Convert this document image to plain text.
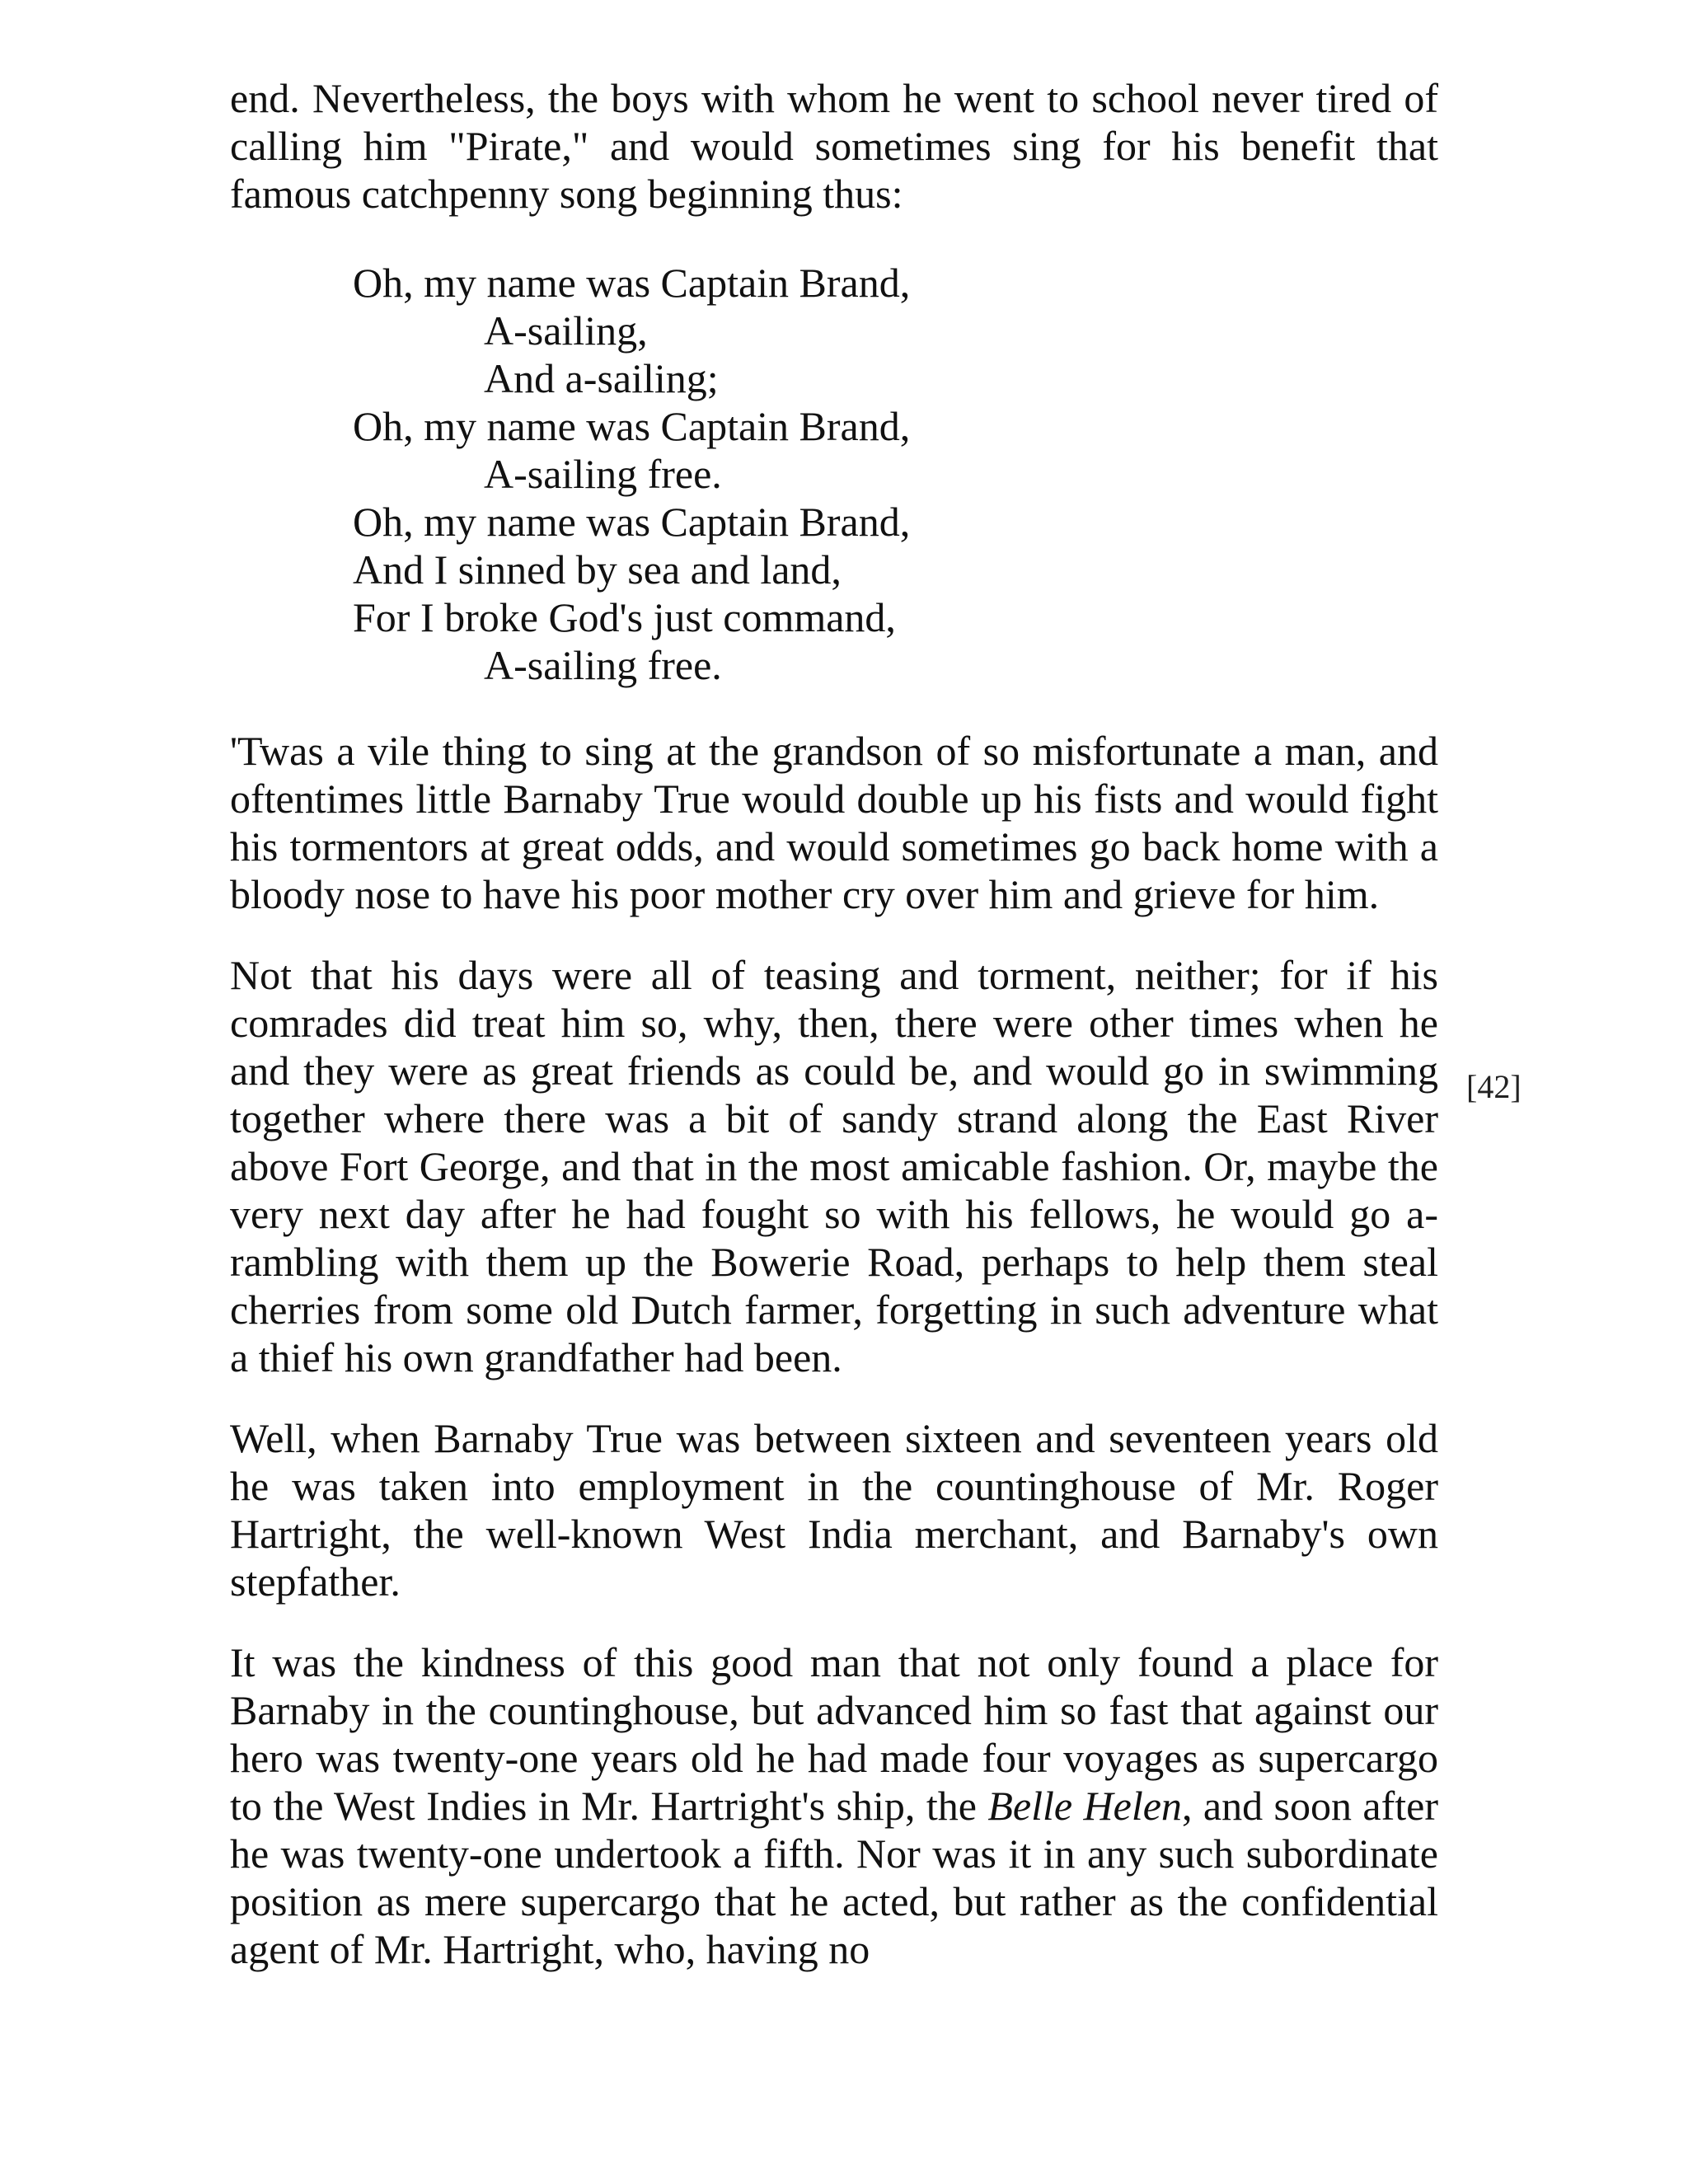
end. Nevertheless, the boys with whom he went to school never tired of calling him "Pirate," and would sometimes sing for his benefit that famous catchpenny song beginning thus:

Oh, my name was Captain Brand,
A-sailing,
And a-sailing;
Oh, my name was Captain Brand,
A-sailing free.
Oh, my name was Captain Brand,
And I sinned by sea and land,
For I broke God's just command,
A-sailing free.

'Twas a vile thing to sing at the grandson of so misfortunate a man, and oftentimes little Barnaby True would double up his fists and would fight his tormentors at great odds, and would sometimes go back home with a bloody nose to have his poor mother cry over him and grieve for him.

Not that his days were all of teasing and torment, neither; for if his comrades did treat him so, why, then, there were other times when he and they were as great friends as could be, and would go in swimming together where there was a bit of sandy strand along the East River above Fort George, and that in the most amicable fashion. Or, maybe the very next day after he had fought so with his fellows, he would go a-rambling with them up the Bowerie Road, perhaps to help them steal cherries from some old Dutch farmer, forgetting in such adventure what a thief his own grandfather had been.

Well, when Barnaby True was between sixteen and seventeen years old he was taken into employment in the countinghouse of Mr. Roger Hartright, the well-known West India merchant, and Barnaby's own stepfather.

It was the kindness of this good man that not only found a place for Barnaby in the countinghouse, but advanced him so fast that against our hero was twenty-one years old he had made four voyages as supercargo to the West Indies in Mr. Hartright's ship, the Belle Helen, and soon after he was twenty-one undertook a fifth. Nor was it in any such subordinate position as mere supercargo that he acted, but rather as the confidential agent of Mr. Hartright, who, having no

[42]
